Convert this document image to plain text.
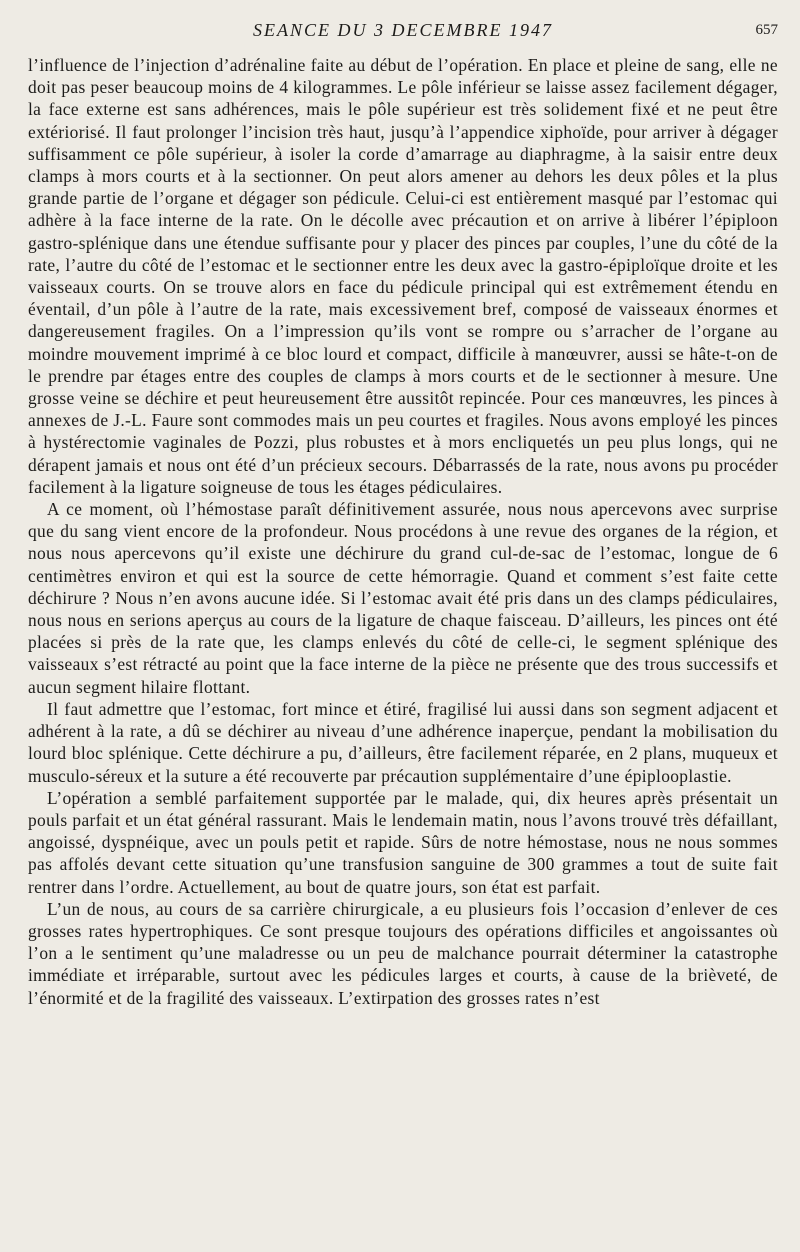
SEANCE DU 3 DECEMBRE 1947	657

l’influence de l’injection d’adrénaline faite au début de l’opération. En place et pleine de sang, elle ne doit pas peser beaucoup moins de 4 kilogrammes. Le pôle inférieur se laisse assez facilement dégager, la face externe est sans adhérences, mais le pôle supérieur est très solidement fixé et ne peut être extériorisé. Il faut prolonger l’incision très haut, jusqu’à l’appendice xiphoïde, pour arriver à dégager suffisamment ce pôle supérieur, à isoler la corde d’amarrage au diaphragme, à la saisir entre deux clamps à mors courts et à la sectionner. On peut alors amener au dehors les deux pôles et la plus grande partie de l’organe et dégager son pédicule. Celui-ci est entièrement masqué par l’estomac qui adhère à la face interne de la rate. On le décolle avec précaution et on arrive à libérer l’épiploon gastro-splénique dans une étendue suffisante pour y placer des pinces par couples, l’une du côté de la rate, l’autre du côté de l’estomac et le sectionner entre les deux avec la gastro-épiploïque droite et les vaisseaux courts. On se trouve alors en face du pédicule principal qui est extrêmement étendu en éventail, d’un pôle à l’autre de la rate, mais excessivement bref, composé de vaisseaux énormes et dangereusement fragiles. On a l’impression qu’ils vont se rompre ou s’arracher de l’organe au moindre mouvement imprimé à ce bloc lourd et compact, difficile à manœuvrer, aussi se hâte-t-on de le prendre par étages entre des couples de clamps à mors courts et de le sectionner à mesure. Une grosse veine se déchire et peut heureusement être aussitôt repincée. Pour ces manœuvres, les pinces à annexes de J.-L. Faure sont commodes mais un peu courtes et fragiles. Nous avons employé les pinces à hystérectomie vaginales de Pozzi, plus robustes et à mors encliquetés un peu plus longs, qui ne dérapent jamais et nous ont été d’un précieux secours. Débarrassés de la rate, nous avons pu procéder facilement à la ligature soigneuse de tous les étages pédiculaires.

A ce moment, où l’hémostase paraît définitivement assurée, nous nous apercevons avec surprise que du sang vient encore de la profondeur. Nous procédons à une revue des organes de la région, et nous nous apercevons qu’il existe une déchirure du grand cul-de-sac de l’estomac, longue de 6 centimètres environ et qui est la source de cette hémorragie. Quand et comment s’est faite cette déchirure ? Nous n’en avons aucune idée. Si l’estomac avait été pris dans un des clamps pédiculaires, nous nous en serions aperçus au cours de la ligature de chaque faisceau. D’ailleurs, les pinces ont été placées si près de la rate que, les clamps enlevés du côté de celle-ci, le segment splénique des vaisseaux s’est rétracté au point que la face interne de la pièce ne présente que des trous successifs et aucun segment hilaire flottant.

Il faut admettre que l’estomac, fort mince et étiré, fragilisé lui aussi dans son segment adjacent et adhérent à la rate, a dû se déchirer au niveau d’une adhérence inaperçue, pendant la mobilisation du lourd bloc splénique. Cette déchirure a pu, d’ailleurs, être facilement réparée, en 2 plans, muqueux et musculo-séreux et la suture a été recouverte par précaution supplémentaire d’une épiplooplastie.

L’opération a semblé parfaitement supportée par le malade, qui, dix heures après présentait un pouls parfait et un état général rassurant. Mais le lendemain matin, nous l’avons trouvé très défaillant, angoissé, dyspnéique, avec un pouls petit et rapide. Sûrs de notre hémostase, nous ne nous sommes pas affolés devant cette situation qu’une transfusion sanguine de 300 grammes a tout de suite fait rentrer dans l’ordre. Actuellement, au bout de quatre jours, son état est parfait.

L’un de nous, au cours de sa carrière chirurgicale, a eu plusieurs fois l’occasion d’enlever de ces grosses rates hypertrophiques. Ce sont presque toujours des opérations difficiles et angoissantes où l’on a le sentiment qu’une maladresse ou un peu de malchance pourrait déterminer la catastrophe immédiate et irréparable, surtout avec les pédicules larges et courts, à cause de la brièveté, de l’énormité et de la fragilité des vaisseaux. L’extirpation des grosses rates n’est
